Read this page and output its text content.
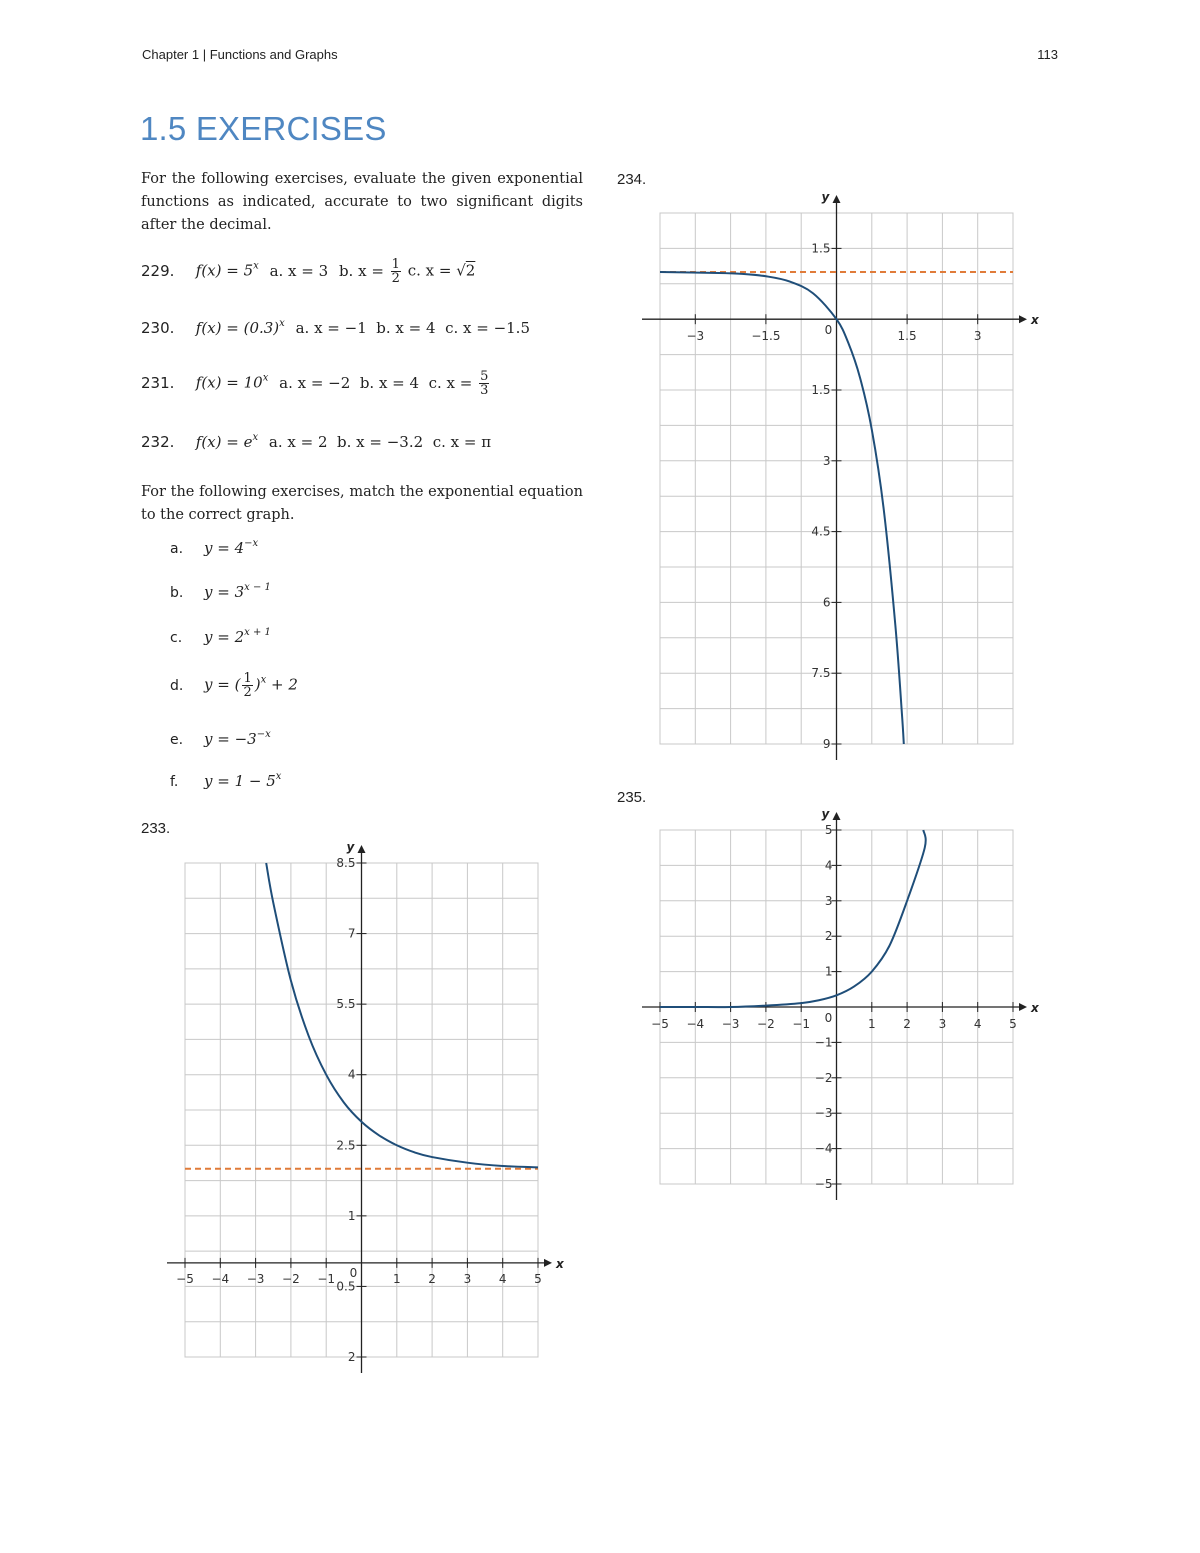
Chapter 1 | Functions and Graphs	113
1.5 EXERCISES

For the following exercises, evaluate the given exponential functions as indicated, accurate to two significant digits after the decimal.

229. $f(x) = 5^x$ a. x = 3 b. $x = \frac{1}{2} c$. x = √2
230. $f(x) = (0.3)^x$ a. x = −1  b. x = 4  c. x = −1.5
231. $f(x) = 10^x$ a. x = −2  b. x = 4  c. $x = \frac{5}{3}$
232. $f(x) = e^x$ a. x = 2  b. x = −3.2  c. x = π

For the following exercises, match the exponential equation to the correct graph.

a. $y = 4^{-x}$
b. $y = 3^{x - 1}$
c. $y = 2^{x + 1}$
d. y = ( $\frac{1}{2} )^x + 2$
e. $y = -3^{-x}$
f. $y = 1 - 5^x$
234.
235.
233.
x
y
−3	−1.5	0	1.5	3
1.5
1.5
3
4.5
6
7.5
9
x
y
−5 −4 −3 −2 −1 0	1 2 3 4 5
5
4
3
2
1
−1
−2
−3
−4
−5
x
y
−5 −4 −3 −2 −1 0	1 2 3 4 5
8.5
7
5.5
4
2.5
1
0.5
2
